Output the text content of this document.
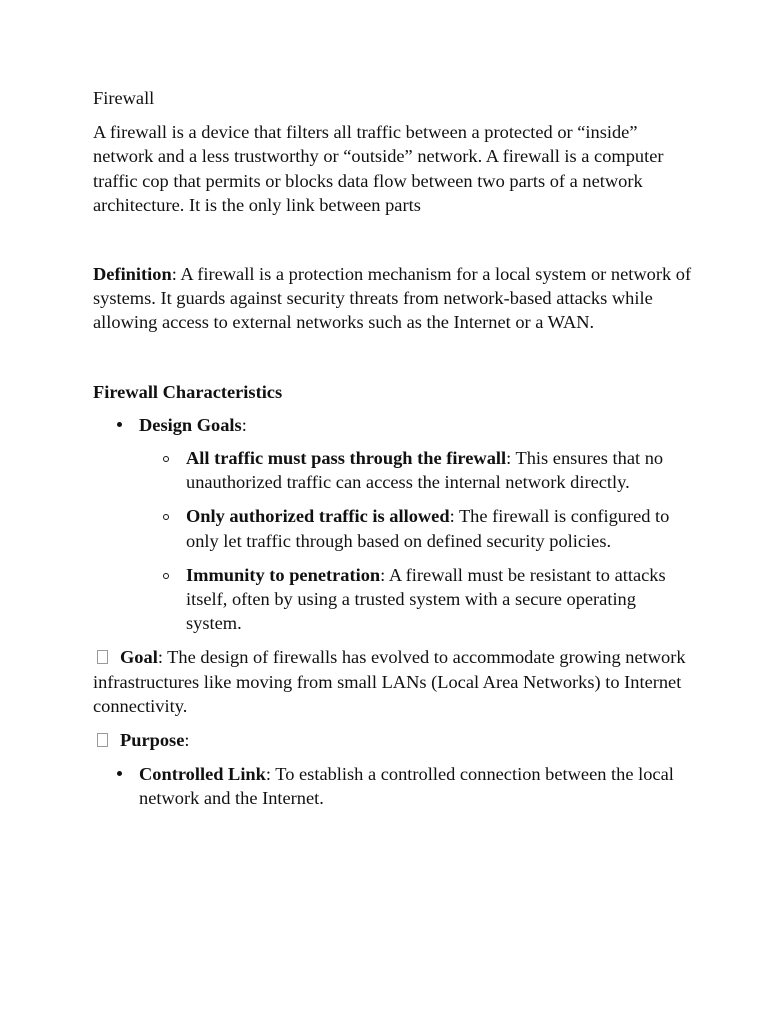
Firewall

A firewall is a device that filters all traffic between a protected or “inside” network and a less trustworthy or “outside” network. A firewall is a computer traffic cop that permits or blocks data flow between two parts of a network architecture. It is the only link between parts

Definition: A firewall is a protection mechanism for a local system or network of systems. It guards against security threats from network-based attacks while allowing access to external networks such as the Internet or a WAN.

Firewall Characteristics

Design Goals:
All traffic must pass through the firewall: This ensures that no unauthorized traffic can access the internal network directly.
Only authorized traffic is allowed: The firewall is configured to only let traffic through based on defined security policies.
Immunity to penetration: A firewall must be resistant to attacks itself, often by using a trusted system with a secure operating system.

Goal: The design of firewalls has evolved to accommodate growing network infrastructures like moving from small LANs (Local Area Networks) to Internet connectivity.

Purpose:

Controlled Link: To establish a controlled connection between the local network and the Internet.
